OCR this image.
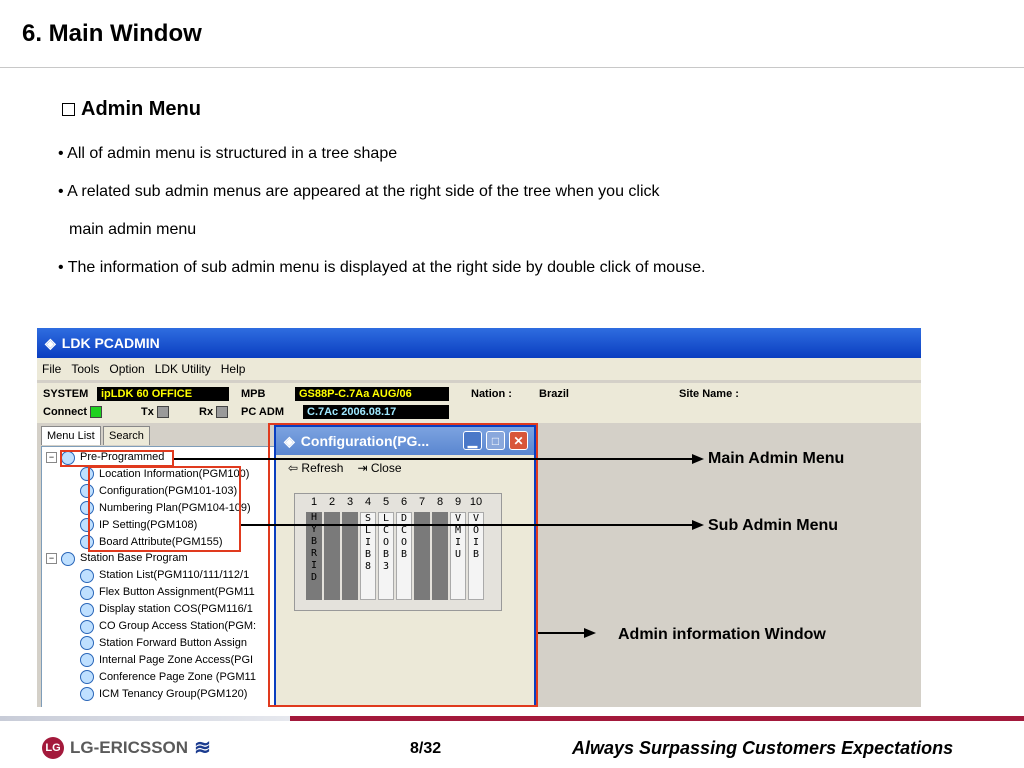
6. Main Window
Admin Menu
• All of admin menu is structured in a tree shape
• A related sub admin menus are appeared at the right side of the tree when you click
main admin menu
• The information of sub admin menu is displayed at the right side by double click of mouse.
◈ LDK PCADMIN
File Tools Option LDK Utility Help
SYSTEM	ipLDK 60 OFFICE	MPB	GS88P-C.7Aa AUG/06	Nation : Brazil	Site Name :
Connect	Tx	Rx	PC ADM	C.7Ac 2006.08.17
Menu List	Search
− Pre-Programmed
Location Information(PGM100)
Configuration(PGM101-103)
Numbering Plan(PGM104-109)
IP Setting(PGM108)
Board Attribute(PGM155)
− Station Base Program
Station List(PGM110/111/112/1
Flex Button Assignment(PGM11
Display station COS(PGM116/1
CO Group Access Station(PGM:
Station Forward Button Assign
Internal Page Zone Access(PGI
Conference Page Zone (PGM11
ICM Tenancy Group(PGM120)
◈ Configuration(PG...	▁	□	✕
⇦ Refresh ⇥ Close
1	2	3	4	5	6	7	8	9 10
H
Y
B
R
I
D
S
L
I
B
8
L
C
O
B
3
D
C
O
B
V
M
I
U
V
O
I
B
Main Admin Menu
Sub Admin Menu
Admin information Window
LG LG-ERICSSON ≋	8/32	Always Surpassing Customers Expectations
